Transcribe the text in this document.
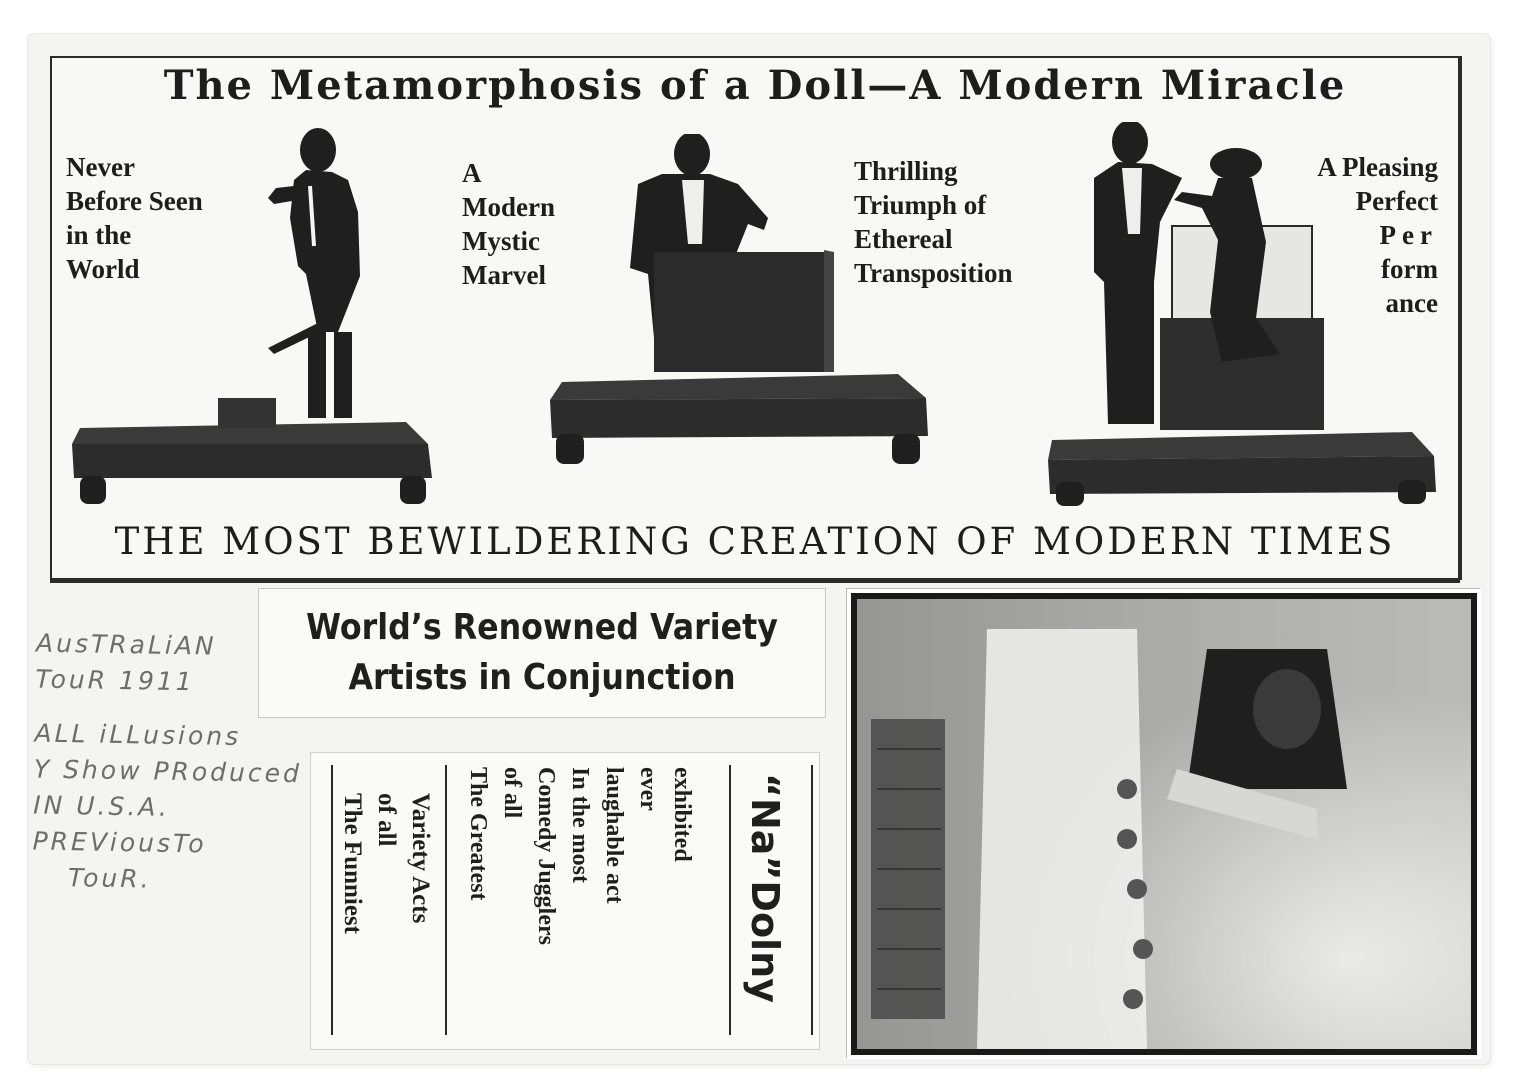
The Metamorphosis of a Doll—A Modern Miracle
Never
Before Seen
in the
World
A
Modern
Mystic
Marvel
Thrilling
Triumph of
Ethereal
Transposition
A Pleasing
Perfect
Per
form
ance
THE MOST BEWILDERING CREATION OF MODERN TIMES
AusTRaLiAN
TouR 1911
ALL iLLusions
Y Show PRoduced
IN U.S.A.
PREViousTo
TouR.
World’s Renowned Variety
Artists in Conjunction
Variety Acts
of all
The Funniest	exhibited
ever
laughable act
In the most
Comedy Jugglers
of all
The Greatest	“Na”Dolny
